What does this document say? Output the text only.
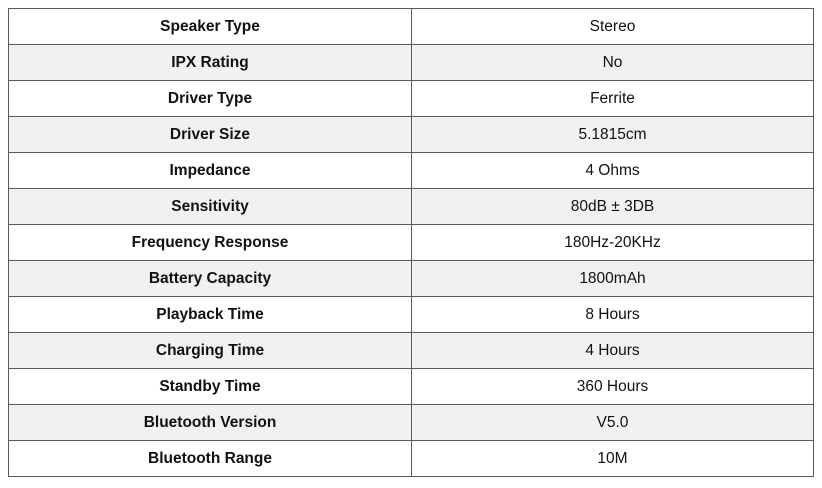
Speaker Type	Stereo
IPX Rating	No
Driver Type	Ferrite
Driver Size	5.1815cm
Impedance	4 Ohms
Sensitivity	80dB ± 3DB
Frequency Response	180Hz-20KHz
Battery Capacity	1800mAh
Playback Time	8 Hours
Charging Time	4 Hours
Standby Time	360 Hours
Bluetooth Version	V5.0
Bluetooth Range	10M
